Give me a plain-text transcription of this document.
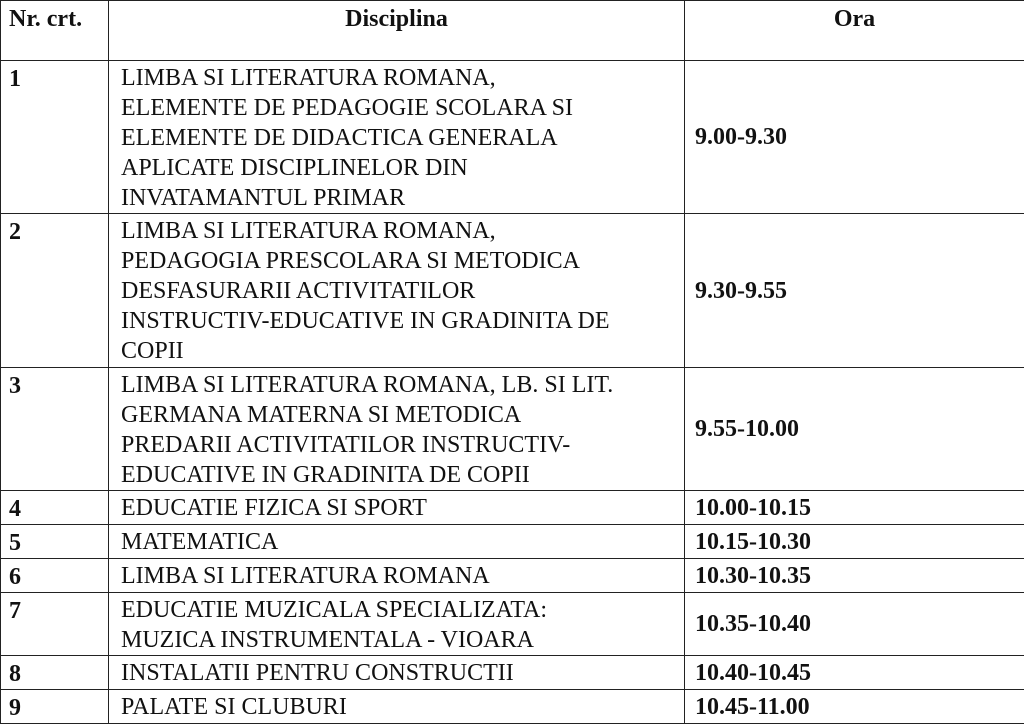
Nr. crt.	Disciplina	Ora
1	LIMBA SI LITERATURA ROMANA,
ELEMENTE DE PEDAGOGIE SCOLARA SI
ELEMENTE DE DIDACTICA GENERALA
APLICATE DISCIPLINELOR DIN
INVATAMANTUL PRIMAR	9.00-9.30
2	LIMBA SI LITERATURA ROMANA,
PEDAGOGIA PRESCOLARA SI METODICA
DESFASURARII ACTIVITATILOR
INSTRUCTIV-EDUCATIVE IN GRADINITA DE
COPII	9.30-9.55
3	LIMBA SI LITERATURA ROMANA, LB. SI LIT.
GERMANA MATERNA SI METODICA
PREDARII ACTIVITATILOR INSTRUCTIV-
EDUCATIVE IN GRADINITA DE COPII	9.55-10.00
4	EDUCATIE FIZICA SI SPORT	10.00-10.15
5	MATEMATICA	10.15-10.30
6	LIMBA SI LITERATURA ROMANA	10.30-10.35
7	EDUCATIE MUZICALA SPECIALIZATA:
MUZICA INSTRUMENTALA - VIOARA	10.35-10.40
8	INSTALATII PENTRU CONSTRUCTII	10.40-10.45
9	PALATE SI CLUBURI	10.45-11.00
